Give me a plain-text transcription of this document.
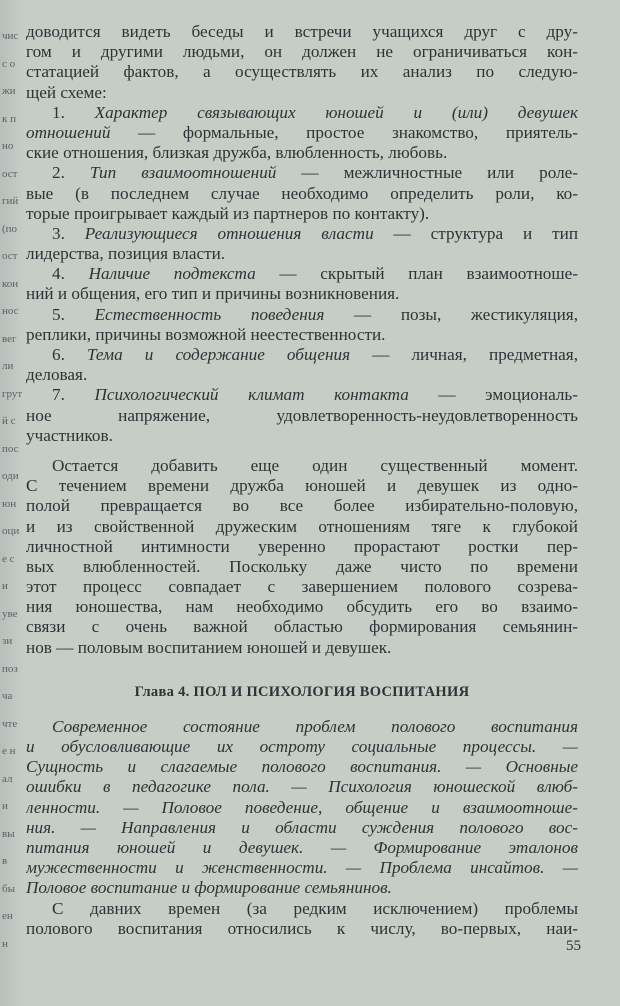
чис
с о
жи
к п
но
ост
гий
(по
ост
кон
нос
вег
ли
грут
й с
пос
оди
юн
оци
е с
и
уве
зи
поз
ча
чте
е н
ал
и
вы
в
бы
ен
н
доводится видеть беседы и встречи учащихся друг с дру-
гом и другими людьми, он должен не ограничиваться кон-
статацией фактов, а осуществлять их анализ по следую-
щей схеме:
1. Характер связывающих юношей и (или) девушек
отношений — формальные, простое знакомство, приятель-
ские отношения, близкая дружба, влюбленность, любовь.
2. Тип взаимоотношений — межличностные или роле-
вые (в последнем случае необходимо определить роли, ко-
торые проигрывает каждый из партнеров по контакту).
3. Реализующиеся отношения власти — структура и тип
лидерства, позиция власти.
4. Наличие подтекста — скрытый план взаимоотноше-
ний и общения, его тип и причины возникновения.
5. Естественность поведения — позы, жестикуляция,
реплики, причины возможной неестественности.
6. Тема и содержание общения — личная, предметная,
деловая.
7. Психологический климат контакта — эмоциональ-
ное напряжение, удовлетворенность-неудовлетворенность
участников.
Остается добавить еще один существенный момент.
С течением времени дружба юношей и девушек из одно-
полой превращается во все более избирательно-половую,
и из свойственной дружеским отношениям тяге к глубокой
личностной интимности уверенно прорастают ростки пер-
вых влюбленностей. Поскольку даже чисто по времени
этот процесс совпадает с завершением полового созрева-
ния юношества, нам необходимо обсудить его во взаимо-
связи с очень важной областью формирования семьянин-
нов — половым воспитанием юношей и девушек.
Глава 4. ПОЛ И ПСИХОЛОГИЯ ВОСПИТАНИЯ
Современное состояние проблем полового воспитания
и обусловливающие их остроту социальные процессы. —
Сущность и слагаемые полового воспитания. — Основные
ошибки в педагогике пола. — Психология юношеской влюб-
ленности. — Половое поведение, общение и взаимоотноше-
ния. — Направления и области суждения полового вос-
питания юношей и девушек. — Формирование эталонов
мужественности и женственности. — Проблема инсайтов. —
Половое воспитание и формирование семьянинов.
С давних времен (за редким исключением) проблемы
полового воспитания относились к числу, во-первых, наи-
55
